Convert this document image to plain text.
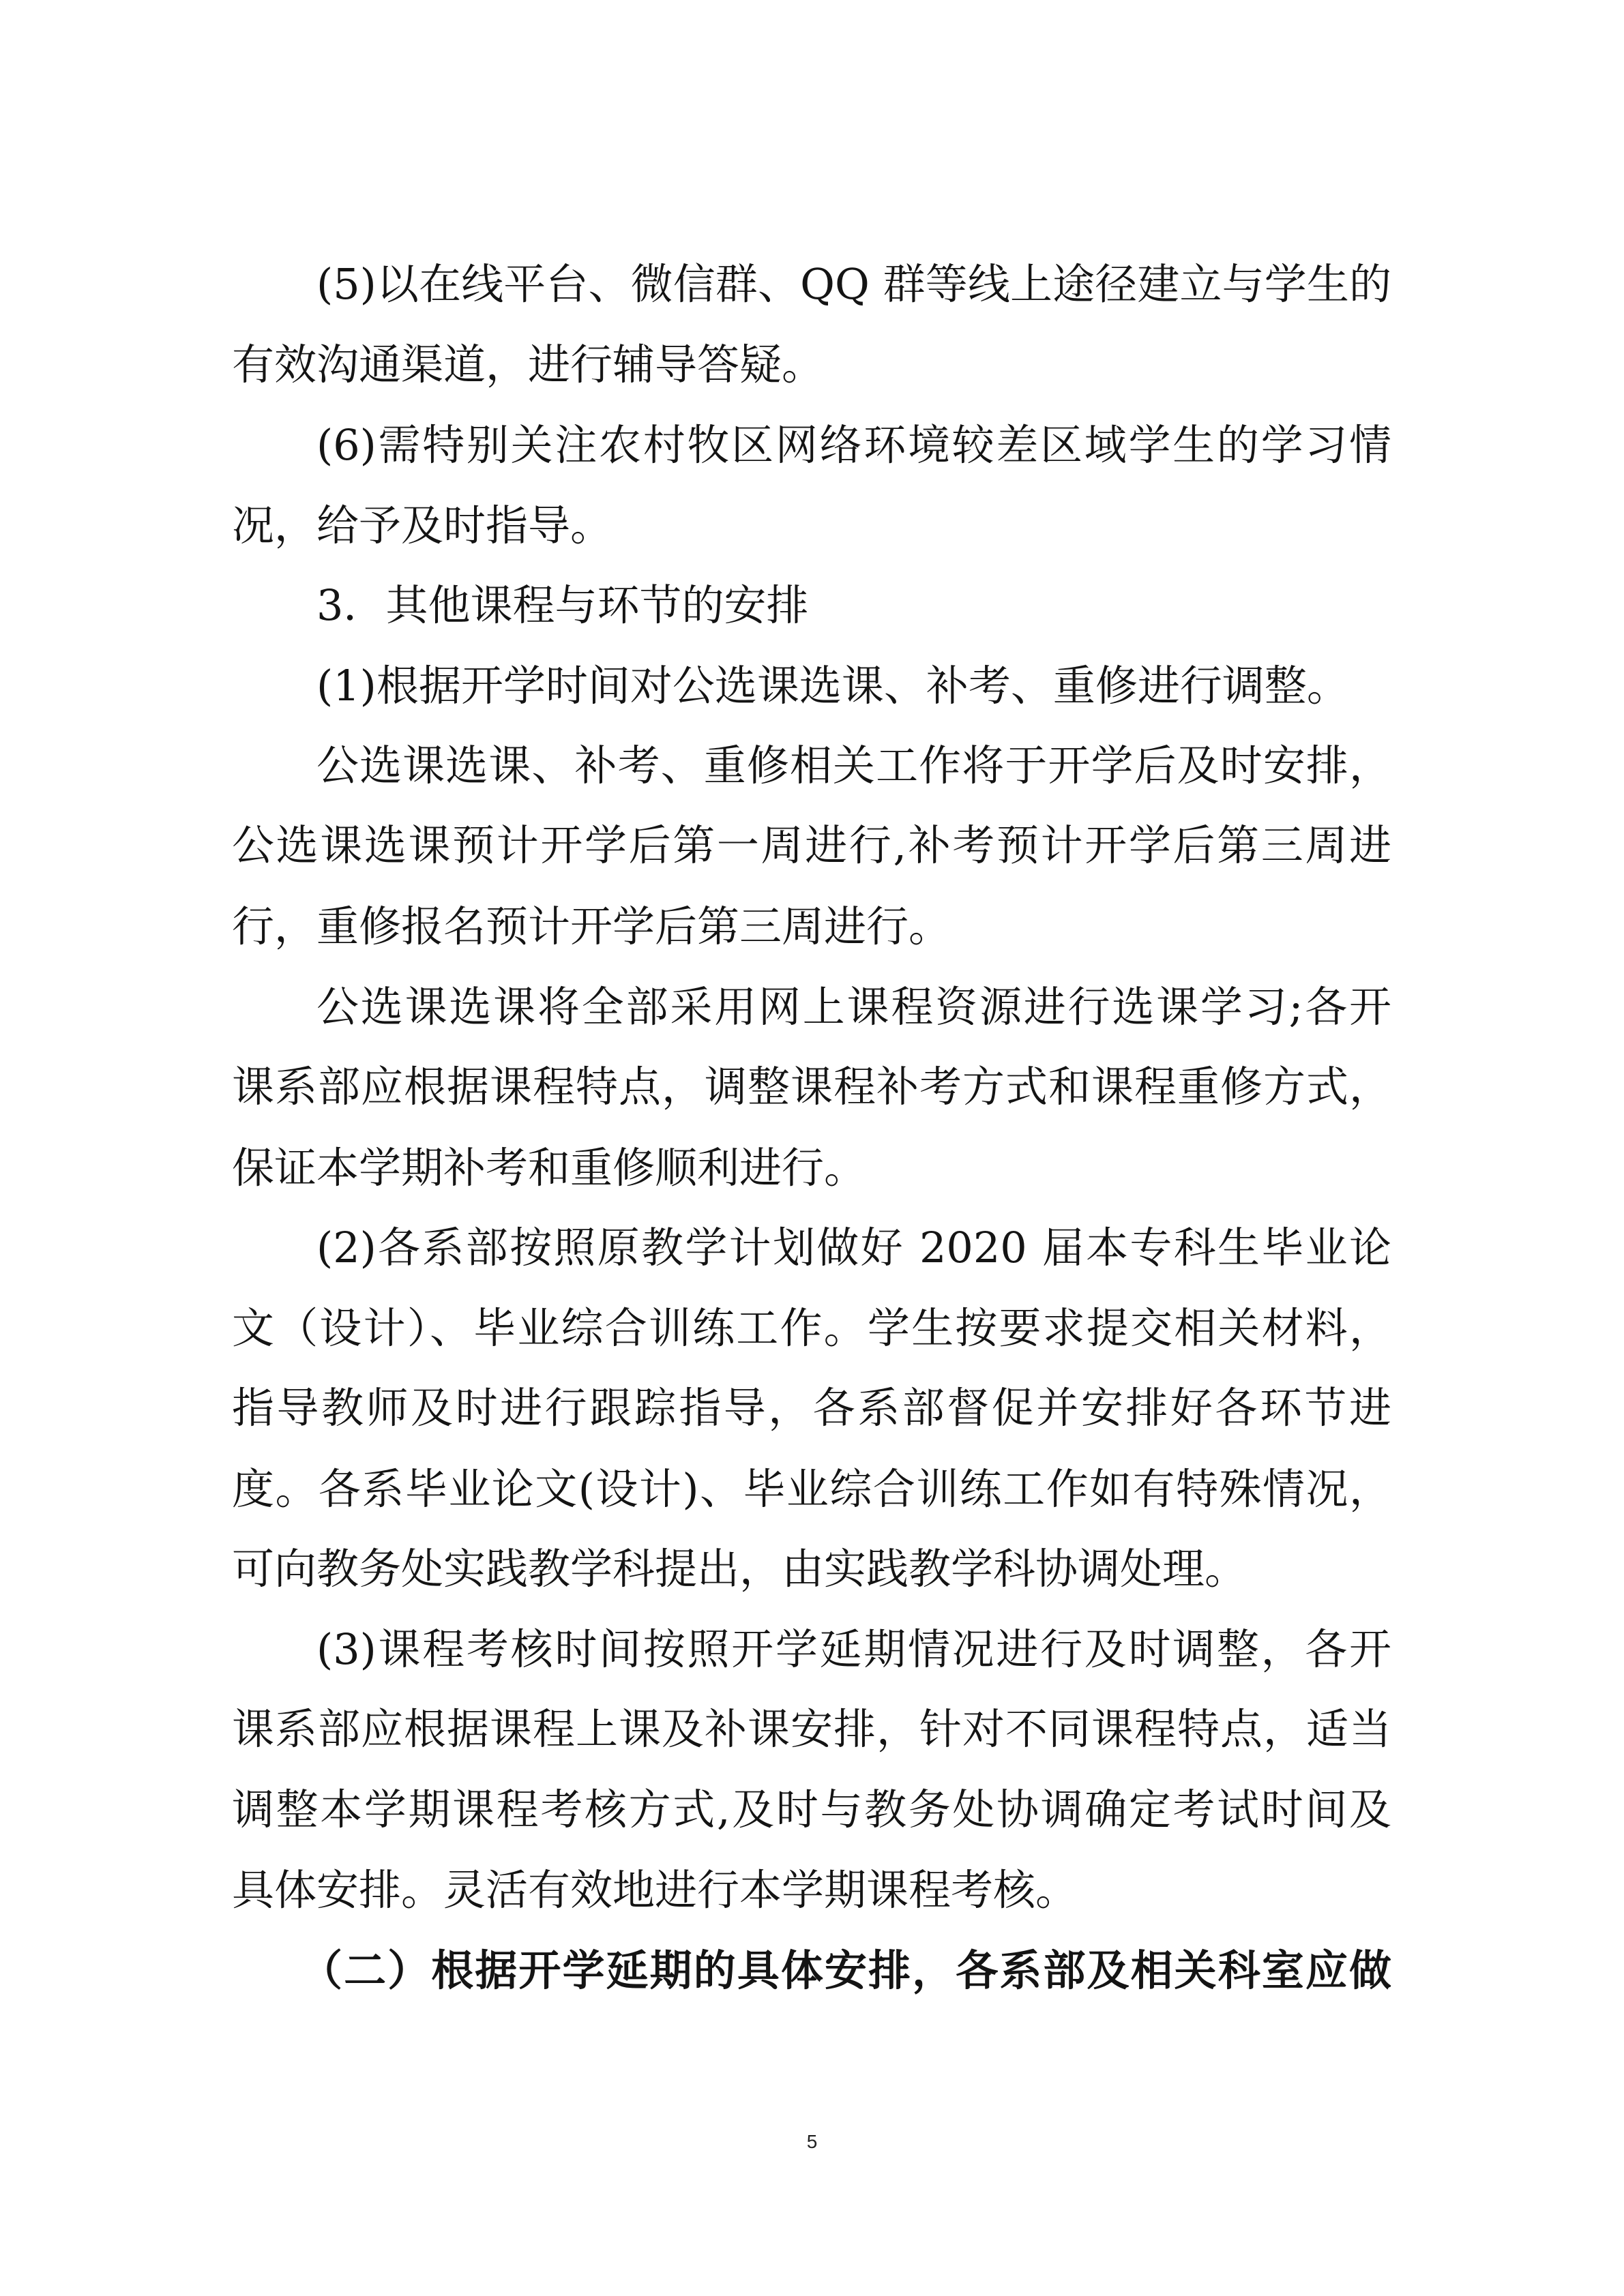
(5)以在线平台、微信群、QQ 群等线上途径建立与学生的

有效沟通渠道，进行辅导答疑。

(6)需特别关注农村牧区网络环境较差区域学生的学习情

况，给予及时指导。

3．其他课程与环节的安排

(1)根据开学时间对公选课选课、补考、重修进行调整。

公选课选课、补考、重修相关工作将于开学后及时安排，

公选课选课预计开学后第一周进行,补考预计开学后第三周进

行，重修报名预计开学后第三周进行。

公选课选课将全部采用网上课程资源进行选课学习;各开

课系部应根据课程特点，调整课程补考方式和课程重修方式，

保证本学期补考和重修顺利进行。

(2)各系部按照原教学计划做好 2020 届本专科生毕业论

文（设计）、毕业综合训练工作。学生按要求提交相关材料，

指导教师及时进行跟踪指导，各系部督促并安排好各环节进

度。各系毕业论文(设计)、毕业综合训练工作如有特殊情况，

可向教务处实践教学科提出，由实践教学科协调处理。

(3)课程考核时间按照开学延期情况进行及时调整，各开

课系部应根据课程上课及补课安排，针对不同课程特点，适当

调整本学期课程考核方式,及时与教务处协调确定考试时间及

具体安排。灵活有效地进行本学期课程考核。

（二）根据开学延期的具体安排，各系部及相关科室应做

5
